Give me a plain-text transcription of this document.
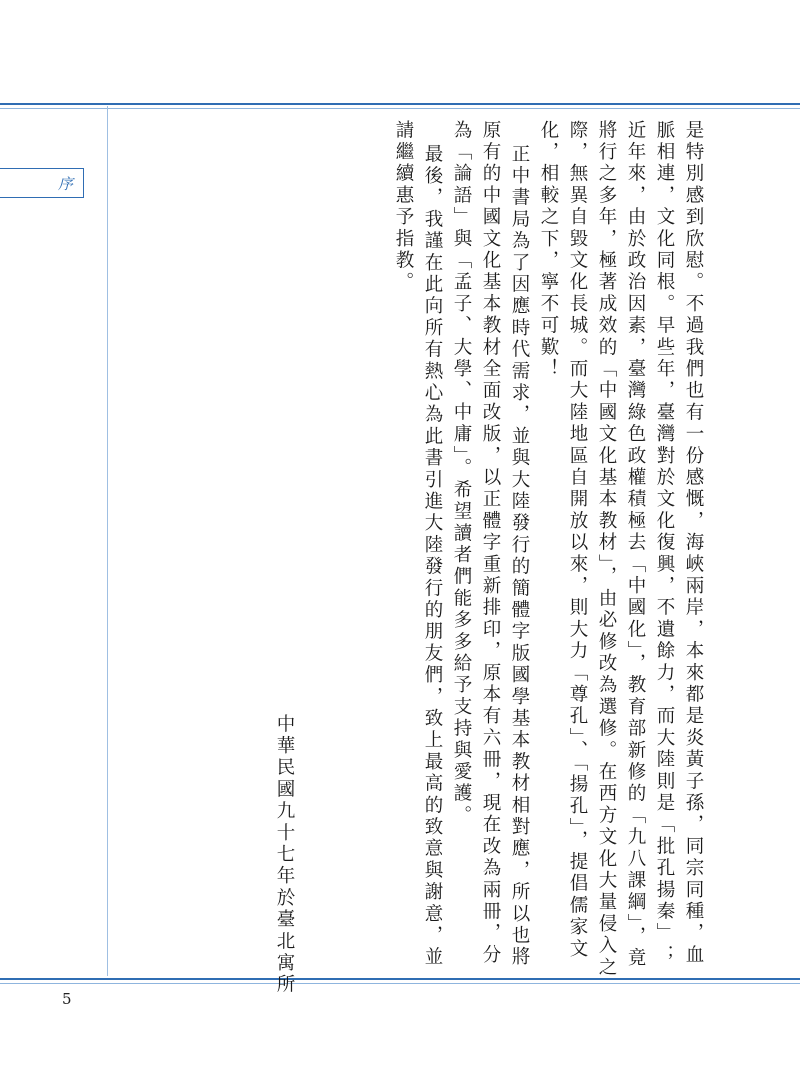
序	是特別感到欣慰。不過我們也有一份感慨，海峽兩岸，本來都是炎黃子孫，同宗同種，血脈相連，文化同根。早些年，臺灣對於文化復興，不遺餘力，而大陸則是「批孔揚秦」；近年來，由於政治因素，臺灣綠色政權積極去「中國化」，教育部新修的「九八課綱」，竟將行之多年，極著成效的「中國文化基本教材」，由必修改為選修。在西方文化大量侵入之際，無異自毀文化長城。而大陸地區自開放以來，則大力「尊孔」、「揚孔」，提倡儒家文化，相較之下，寧不可歎！

正中書局為了因應時代需求，並與大陸發行的簡體字版國學基本教材相對應，所以也將原有的中國文化基本教材全面改版，以正體字重新排印，原本有六冊，現在改為兩冊，分為「論語」與「孟子、大學、中庸」。希望讀者們能多多給予支持與愛護。

最後，我謹在此向所有熱心為此書引進大陸發行的朋友們，致上最高的致意與謝意，並請繼續惠予指教。

中華民國九十七年於臺北寓所
5
